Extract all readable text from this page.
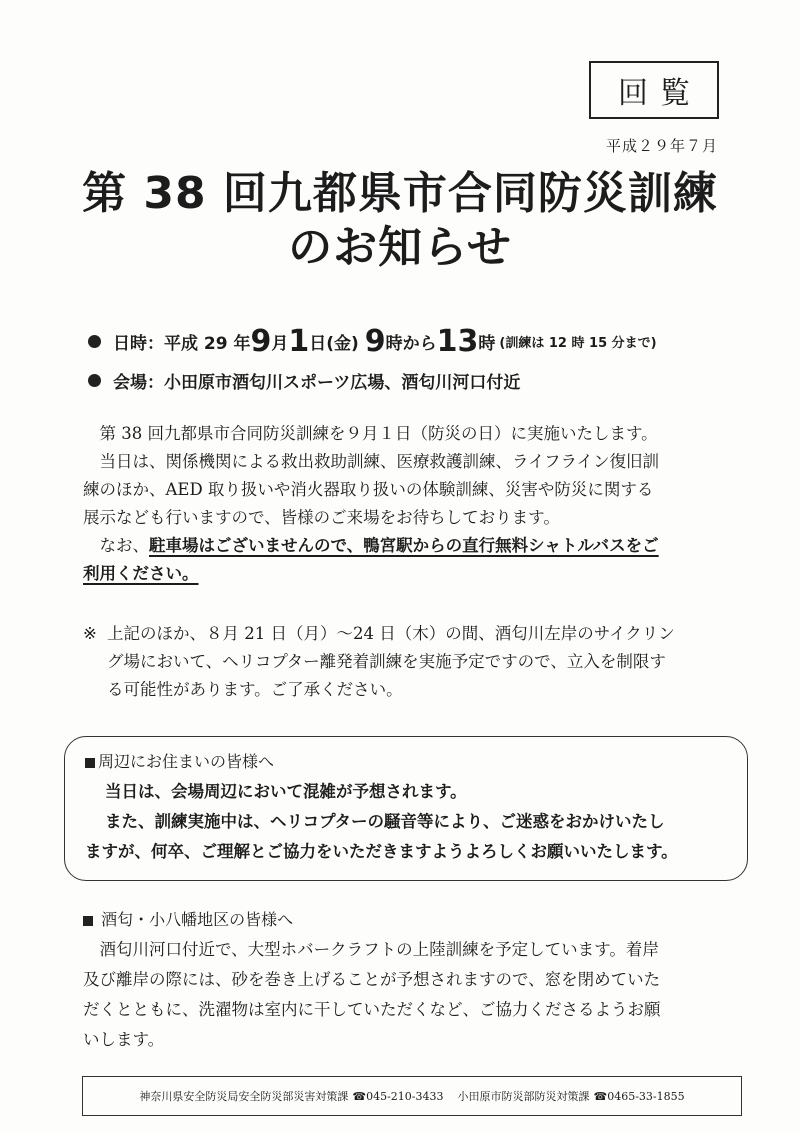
回覧
平成２９年７月
第 38 回九都県市合同防災訓練
のお知らせ
日時： 平成 29 年 9 月 1 日 (金) 9 時から 13 時 (訓練は 12 時 15 分まで)
会場： 小田原市酒匂川スポーツ広場、酒匂川河口付近

　第 38 回九都県市合同防災訓練を９月１日（防災の日）に実施いたします。

　当日は、関係機関による救出救助訓練、医療救護訓練、ライフライン復旧訓

練のほか、AED 取り扱いや消火器取り扱いの体験訓練、災害や防災に関する

展示なども行いますので、皆様のご来場をお待ちしております。

　なお、駐車場はございませんので、鴨宮駅からの直行無料シャトルバスをご

利用ください。

※ 上記のほか、８月 21 日（月）～24 日（木）の間、酒匂川左岸のサイクリン
グ場において、ヘリコプター離発着訓練を実施予定ですので、立入を制限す
る可能性があります。ご了承ください。
周辺にお住まいの皆様へ
当日は、会場周辺において混雑が予想されます。
また、訓練実施中は、ヘリコプターの騒音等により、ご迷惑をおかけいたし
ますが、何卒、ご理解とご協力をいただきますようよろしくお願いいたします。
酒匂・小八幡地区の皆様へ
　酒匂川河口付近で、大型ホバークラフトの上陸訓練を予定しています。着岸
及び離岸の際には、砂を巻き上げることが予想されますので、窓を閉めていた
だくとともに、洗濯物は室内に干していただくなど、ご協力くださるようお願
いします。
神奈川県安全防災局安全防災部災害対策課 ☎045-210-3433 小田原市防災部防災対策課 ☎0465-33-1855
